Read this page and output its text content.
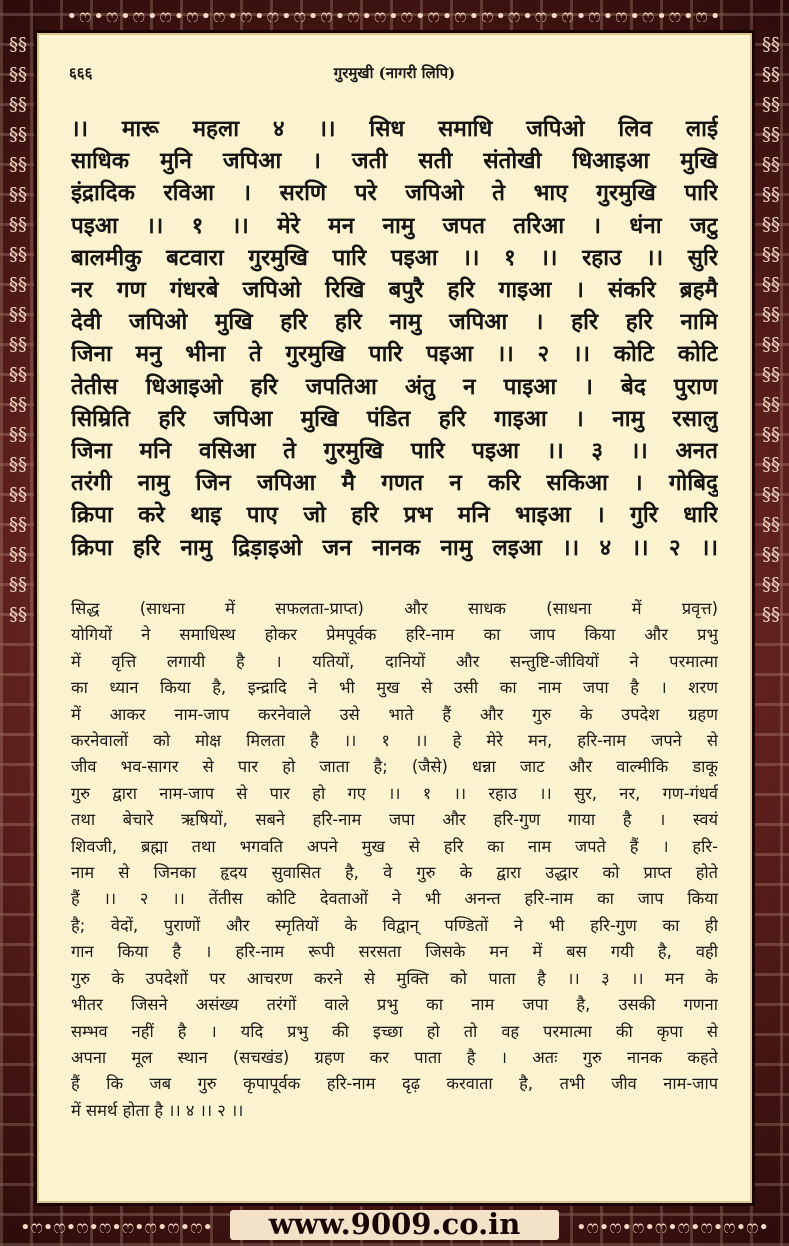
•ෆ•ෆ•ෆ•ෆ•ෆ•ෆ•ෆ•ෆ•ෆ•ෆ•ෆ•ෆ•ෆ•ෆ•ෆ•ෆ•ෆ•ෆ•ෆ•ෆ•ෆ•ෆ•ෆ•ෆ•
§§§§§§§§§§§§§§§§§§§§§§§§§§§§§§§§§§§§§§§§
§§§§§§§§§§§§§§§§§§§§§§§§§§§§§§§§§§§§§§§§
•ෆ•ෆ•ෆ•ෆ•ෆ•ෆ•ෆ•ෆ•	•ෆ•ෆ•ෆ•ෆ•ෆ•ෆ•ෆ•ෆ•
www.9009.co.in
६६६	गुरमुखी (नागरी लिपि)
।। मारू महला ४ ।। सिध समाधि जपिओ लिव लाई
साधिक मुनि जपिआ । जती सती संतोखी धिआइआ मुखि
इंद्रादिक रविआ । सरणि परे जपिओ ते भाए गुरमुखि पारि
पइआ ।। १ ।। मेरे मन नामु जपत तरिआ । धंना जटु
बालमीकु बटवारा गुरमुखि पारि पइआ ।। १ ।। रहाउ ।। सुरि
नर गण गंधरबे जपिओ रिखि बपुरै हरि गाइआ । संकरि ब्रहमै
देवी जपिओ मुखि हरि हरि नामु जपिआ । हरि हरि नामि
जिना मनु भीना ते गुरमुखि पारि पइआ ।। २ ।। कोटि कोटि
तेतीस धिआइओ हरि जपतिआ अंतु न पाइआ । बेद पुराण
सिम्रिति हरि जपिआ मुखि पंडित हरि गाइआ । नामु रसालु
जिना मनि वसिआ ते गुरमुखि पारि पइआ ।। ३ ।। अनत
तरंगी नामु जिन जपिआ मै गणत न करि सकिआ । गोबिदु
क्रिपा करे थाइ पाए जो हरि प्रभ मनि भाइआ । गुरि धारि
क्रिपा हरि नामु द्रिड़ाइओ जन नानक नामु लइआ ।। ४ ।। २ ।।
सिद्ध (साधना में सफलता-प्राप्त) और साधक (साधना में प्रवृत्त)
योगियों ने समाधिस्थ होकर प्रेमपूर्वक हरि-नाम का जाप किया और प्रभु
में वृत्ति लगायी है । यतियों, दानियों और सन्तुष्टि-जीवियों ने परमात्मा
का ध्यान किया है, इन्द्रादि ने भी मुख से उसी का नाम जपा है । शरण
में आकर नाम-जाप करनेवाले उसे भाते हैं और गुरु के उपदेश ग्रहण
करनेवालों को मोक्ष मिलता है ।। १ ।। हे मेरे मन, हरि-नाम जपने से
जीव भव-सागर से पार हो जाता है; (जैसे) धन्ना जाट और वाल्मीकि डाकू
गुरु द्वारा नाम-जाप से पार हो गए ।। १ ।। रहाउ ।। सुर, नर, गण-गंधर्व
तथा बेचारे ऋषियों, सबने हरि-नाम जपा और हरि-गुण गाया है । स्वयं
शिवजी, ब्रह्मा तथा भगवति अपने मुख से हरि का नाम जपते हैं । हरि-
नाम से जिनका हृदय सुवासित है, वे गुरु के द्वारा उद्धार को प्राप्त होते
हैं ।। २ ।। तेंतीस कोटि देवताओं ने भी अनन्त हरि-नाम का जाप किया
है; वेदों, पुराणों और स्मृतियों के विद्वान् पण्डितों ने भी हरि-गुण का ही
गान किया है । हरि-नाम रूपी सरसता जिसके मन में बस गयी है, वही
गुरु के उपदेशों पर आचरण करने से मुक्ति को पाता है ।। ३ ।। मन के
भीतर जिसने असंख्य तरंगों वाले प्रभु का नाम जपा है, उसकी गणना
सम्भव नहीं है । यदि प्रभु की इच्छा हो तो वह परमात्मा की कृपा से
अपना मूल स्थान (सचखंड) ग्रहण कर पाता है । अतः गुरु नानक कहते
हैं कि जब गुरु कृपापूर्वक हरि-नाम दृढ़ करवाता है, तभी जीव नाम-जाप
में समर्थ होता है ।। ४ ।। २ ।।
